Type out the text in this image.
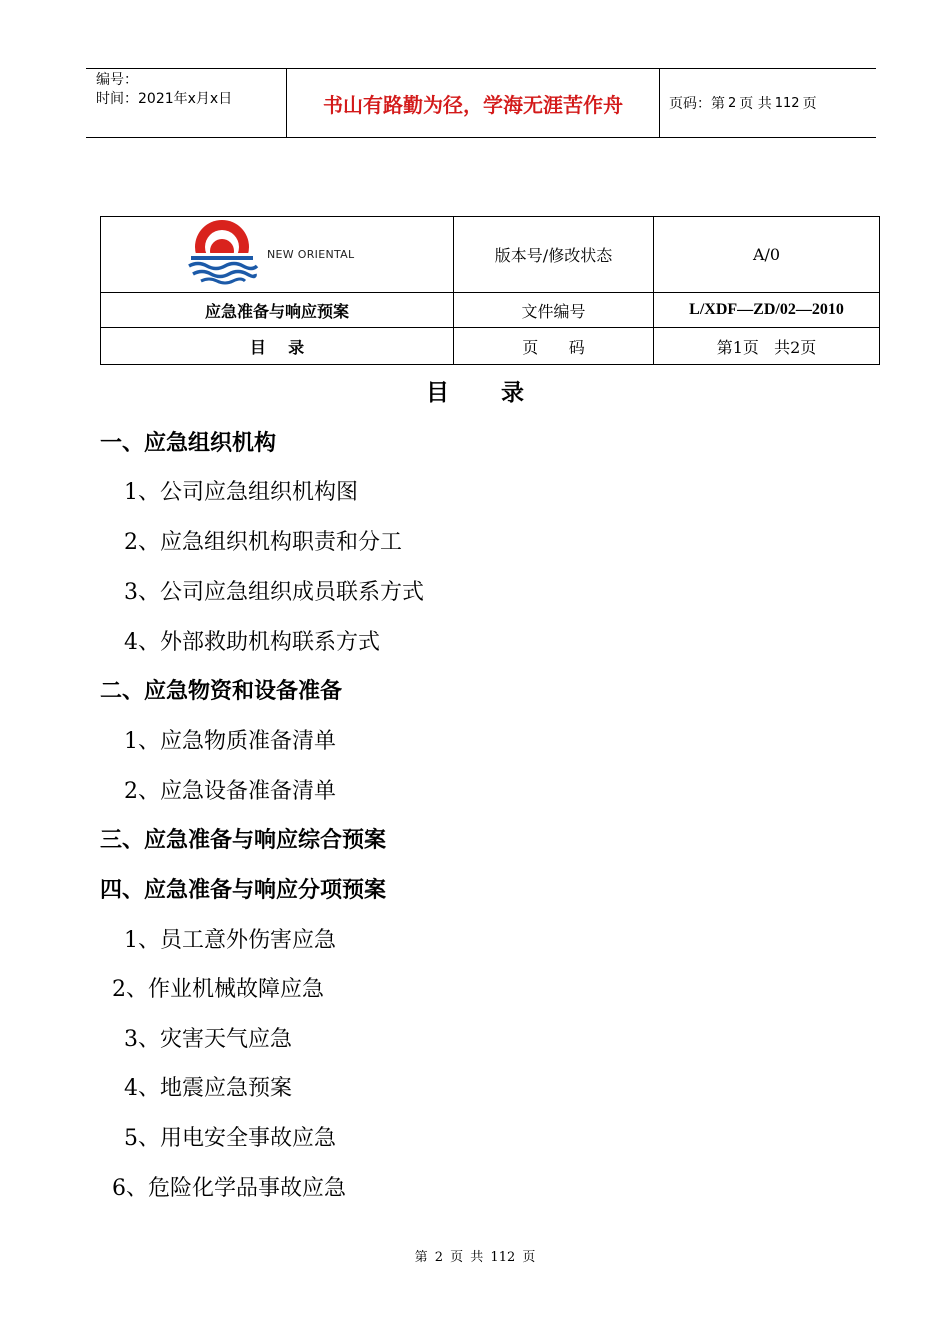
编号：
时间：2021年x月x日	书山有路勤为径，学海无涯苦作舟	页码：第 2 页 共 112 页
NEW ORIENTAL	版本号/修改状态	A/0
应急准备与响应预案	文件编号	L/XDF—ZD/02—2010
目    录	页      码	第1页   共2页
目 录
一、应急组织机构
1、公司应急组织机构图
2、应急组织机构职责和分工
3、公司应急组织成员联系方式
4、外部救助机构联系方式
二、应急物资和设备准备
1、应急物质准备清单
2、应急设备准备清单
三、应急准备与响应综合预案
四、应急准备与响应分项预案
1、员工意外伤害应急
2、作业机械故障应急
3、灾害天气应急
4、地震应急预案
5、用电安全事故应急
6、危险化学品事故应急
第 2 页 共 112 页
